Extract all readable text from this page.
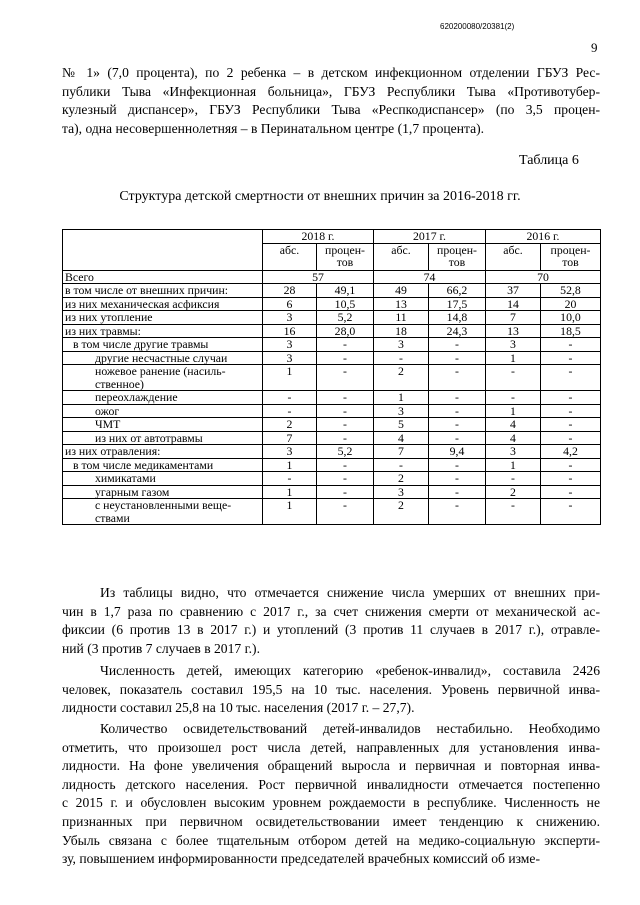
620200080/20381(2)
9
№ 1» (7,0 процента), по 2 ребенка – в детском инфекционном отделении ГБУЗ Рес-
публики Тыва «Инфекционная больница», ГБУЗ Республики Тыва «Противотубер-
кулезный диспансер», ГБУЗ Республики Тыва «Респкодиспансер» (по 3,5 процен-
та), одна несовершеннолетняя – в Перинатальном центре (1,7 процента).
Таблица 6
Структура детской смертности от внешних причин за 2016-2018 гг.
	2018 г.		2017 г.		2016 г.	
	абс.	процен-тов	абс.	процен-тов	абс.	процен-тов
Всего	57		74		70	
в том числе от внешних причин:	28	49,1	49	66,2	37	52,8
из них механическая асфиксия	6	10,5	13	17,5	14	20
из них утопление	3	5,2	11	14,8	7	10,0
из них травмы:	16	28,0	18	24,3	13	18,5
в том числе другие травмы	3	-	3	-	3	-
другие несчастные случаи	3	-	-	-	1	-
ножевое ранение (насиль-ственное)	1	-	2	-	-	-
переохлаждение	-	-	1	-	-	-
ожог	-	-	3	-	1	-
ЧМТ	2	-	5	-	4	-
из них от автотравмы	7	-	4	-	4	-
из них отравления:	3	5,2	7	9,4	3	4,2
в том числе медикаментами	1	-	-	-	1	-
химикатами	-	-	2	-	-	-
угарным газом	1	-	3	-	2	-
с неустановленными веще-ствами	1	-	2	-	-	-
Из таблицы видно, что отмечается снижение числа умерших от внешних при-
чин в 1,7 раза по сравнению с 2017 г., за счет снижения смерти от механической ас-
фиксии (6 против 13 в 2017 г.) и утоплений (3 против 11 случаев в 2017 г.), отравле-
ний (3 против 7 случаев в 2017 г.).
Численность детей, имеющих категорию «ребенок-инвалид», составила 2426
человек, показатель составил 195,5 на 10 тыс. населения. Уровень первичной инва-
лидности составил 25,8 на 10 тыс. населения (2017 г. – 27,7).
Количество освидетельствований детей-инвалидов нестабильно. Необходимо
отметить, что произошел рост числа детей, направленных для установления инва-
лидности. На фоне увеличения обращений выросла и первичная и повторная инва-
лидность детского населения. Рост первичной инвалидности отмечается постепенно
с 2015 г. и обусловлен высоким уровнем рождаемости в республике. Численность не
признанных при первичном освидетельствовании имеет тенденцию к снижению.
Убыль связана с более тщательным отбором детей на медико-социальную эксперти-
зу, повышением информированности председателей врачебных комиссий об изме-
